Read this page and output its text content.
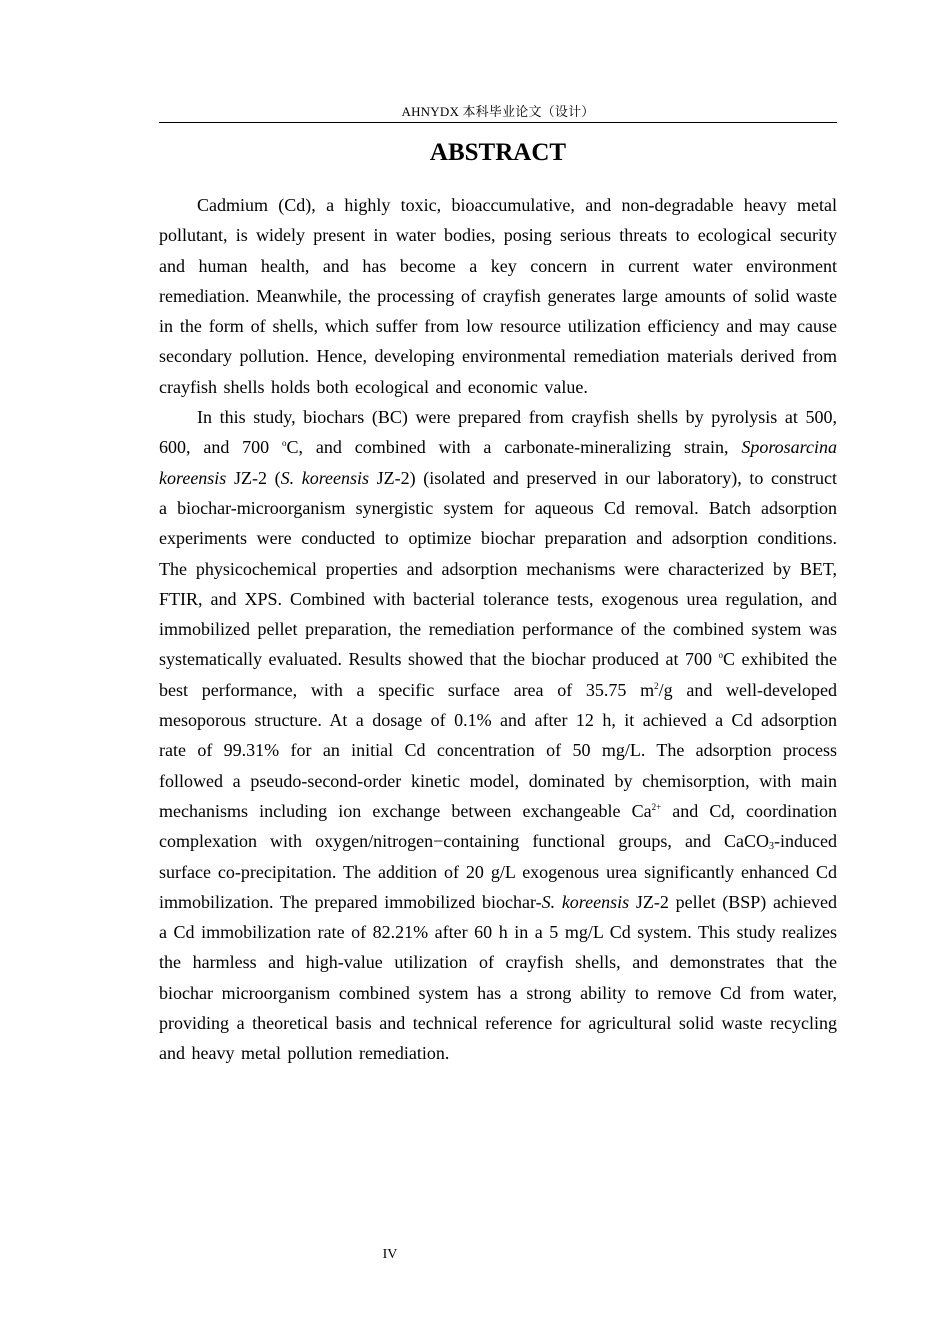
AHNYDX 本科毕业论文（设计）
ABSTRACT

Cadmium (Cd), a highly toxic, bioaccumulative, and non-degradable heavy metal pollutant, is widely present in water bodies, posing serious threats to ecological security and human health, and has become a key concern in current water environment remediation. Meanwhile, the processing of crayfish generates large amounts of solid waste in the form of shells, which suffer from low resource utilization efficiency and may cause secondary pollution. Hence, developing environmental remediation materials derived from crayfish shells holds both ecological and economic value.

In this study, biochars (BC) were prepared from crayfish shells by pyrolysis at 500, 600, and 700 $^o$C, and combined with a carbonate-mineralizing strain, Sporosarcina koreensis JZ-2 (S. koreensis JZ-2) (isolated and preserved in our laboratory), to construct a biochar-microorganism synergistic system for aqueous Cd removal. Batch adsorption experiments were conducted to optimize biochar preparation and adsorption conditions. The physicochemical properties and adsorption mechanisms were characterized by BET, FTIR, and XPS. Combined with bacterial tolerance tests, exogenous urea regulation, and immobilized pellet preparation, the remediation performance of the combined system was systematically evaluated. Results showed that the biochar produced at 700 $^o$C exhibited the best performance, with a specific surface area of 35.75 $m^2/g$ and well-developed mesoporous structure. At a dosage of 0.1% and after 12 h, it achieved a Cd adsorption rate of 99.31% for an initial Cd concentration of 50 mg/L. The adsorption process followed a pseudo-second-order kinetic model, dominated by chemisorption, with main mechanisms including ion exchange between exchangeable $Ca^{2+}$ and Cd, coordination complexation with oxygen/nitrogen−containing functional groups, and CaCO$_3$-induced surface co-precipitation. The addition of 20 g/L exogenous urea significantly enhanced Cd immobilization. The prepared immobilized biochar-S. koreensis JZ-2 pellet (BSP) achieved a Cd immobilization rate of 82.21% after 60 h in a 5 mg/L Cd system. This study realizes the harmless and high-value utilization of crayfish shells, and demonstrates that the biochar microorganism combined system has a strong ability to remove Cd from water, providing a theoretical basis and technical reference for agricultural solid waste recycling and heavy metal pollution remediation.

IV
